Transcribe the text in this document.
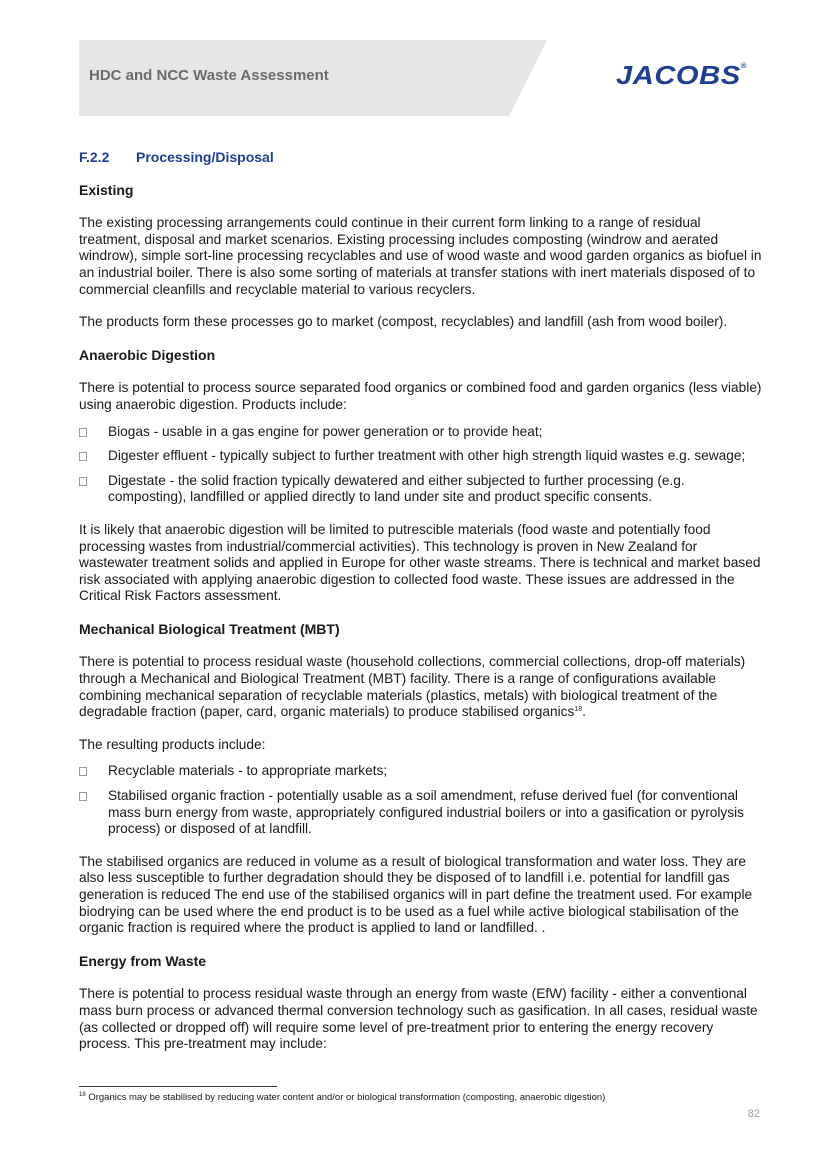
HDC and NCC Waste Assessment	JACOBS®
F.2.2	Processing/Disposal
Existing

The existing processing arrangements could continue in their current form linking to a range of residual treatment, disposal and market scenarios. Existing processing includes composting (windrow and aerated windrow), simple sort-line processing recyclables and use of wood waste and wood garden organics as biofuel in an industrial boiler. There is also some sorting of materials at transfer stations with inert materials disposed of to commercial cleanfills and recyclable material to various recyclers.

The products form these processes go to market (compost, recyclables) and landfill (ash from wood boiler).

Anaerobic Digestion

There is potential to process source separated food organics or combined food and garden organics (less viable) using anaerobic digestion. Products include:

Biogas - usable in a gas engine for power generation or to provide heat;
Digester effluent - typically subject to further treatment with other high strength liquid wastes e.g. sewage;
Digestate - the solid fraction typically dewatered and either subjected to further processing (e.g. composting), landfilled or applied directly to land under site and product specific consents.

It is likely that anaerobic digestion will be limited to putrescible materials (food waste and potentially food processing wastes from industrial/commercial activities). This technology is proven in New Zealand for wastewater treatment solids and applied in Europe for other waste streams. There is technical and market based risk associated with applying anaerobic digestion to collected food waste. These issues are addressed in the Critical Risk Factors assessment.

Mechanical Biological Treatment (MBT)

There is potential to process residual waste (household collections, commercial collections, drop-off materials) through a Mechanical and Biological Treatment (MBT) facility. There is a range of configurations available combining mechanical separation of recyclable materials (plastics, metals) with biological treatment of the degradable fraction (paper, card, organic materials) to produce stabilised organics$^{18}$.

The resulting products include:

Recyclable materials - to appropriate markets;
Stabilised organic fraction - potentially usable as a soil amendment, refuse derived fuel (for conventional mass burn energy from waste, appropriately configured industrial boilers or into a gasification or pyrolysis process) or disposed of at landfill.

The stabilised organics are reduced in volume as a result of biological transformation and water loss. They are also less susceptible to further degradation should they be disposed of to landfill i.e. potential for landfill gas generation is reduced The end use of the stabilised organics will in part define the treatment used. For example biodrying can be used where the end product is to be used as a fuel while active biological stabilisation of the organic fraction is required where the product is applied to land or landfilled. .

Energy from Waste

There is potential to process residual waste through an energy from waste (EfW) facility - either a conventional mass burn process or advanced thermal conversion technology such as gasification. In all cases, residual waste (as collected or dropped off) will require some level of pre-treatment prior to entering the energy recovery process. This pre-treatment may include:

$^{18}$ Organics may be stabilised by reducing water content and/or or biological transformation (composting, anaerobic digestion)
82
